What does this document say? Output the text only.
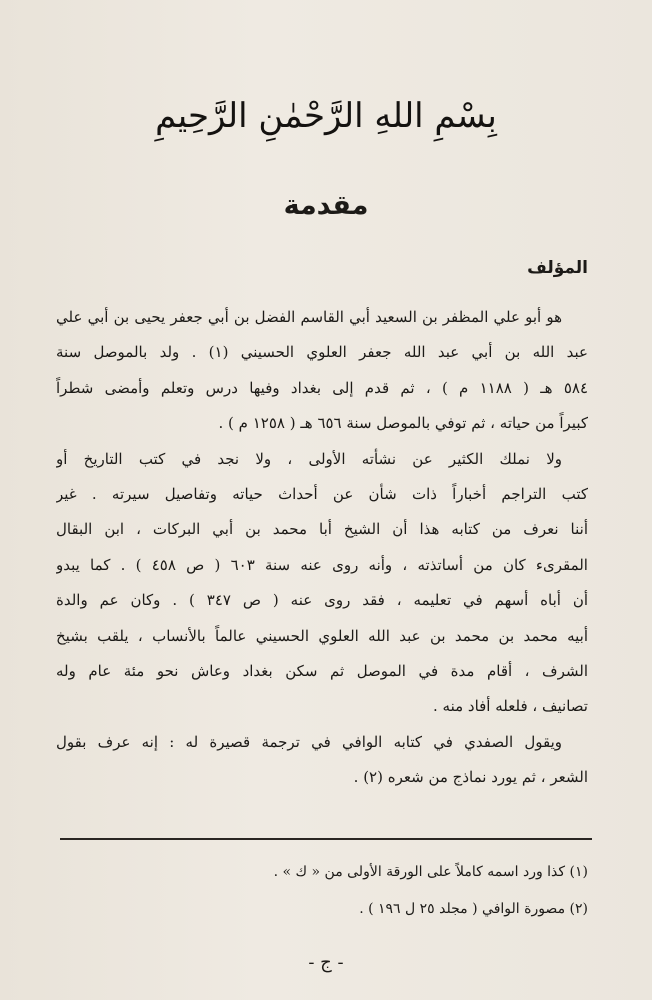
بِسْمِ اللهِ الرَّحْمٰنِ الرَّحِيمِ
مقدمة
المؤلف
هو أبو علي المظفر بن السعيد أبي القاسم الفضل بن أبي جعفر يحيى بن أبي علي
عبد الله بن أبي عبد الله جعفر العلوي الحسيني (١) . ولد بالموصل سنة
٥٨٤ هـ ( ١١٨٨ م ) ، ثم قدم إلى بغداد وفيها درس وتعلم وأمضى شطراً
كبيراً من حياته ، ثم توفي بالموصل سنة ٦٥٦ هـ ( ١٢٥٨ م ) .
ولا نملك الكثير عن نشأته الأولى ، ولا نجد في كتب التاريخ أو
كتب التراجم أخباراً ذات شأن عن أحداث حياته وتفاصيل سيرته . غير
أننا نعرف من كتابه هذا أن الشيخ أبا محمد بن أبي البركات ، ابن البقال
المقرىء كان من أساتذته ، وأنه روى عنه سنة ٦٠٣ ( ص ٤٥٨ ) . كما يبدو
أن أباه أسهم في تعليمه ، فقد روى عنه ( ص ٣٤٧ ) . وكان عم والدة
أبيه محمد بن محمد بن عبد الله العلوي الحسيني عالماً بالأنساب ، يلقب بشيخ
الشرف ، أقام مدة في الموصل ثم سكن بغداد وعاش نحو مئة عام وله
تصانيف ، فلعله أفاد منه .
ويقول الصفدي في كتابه الوافي في ترجمة قصيرة له : إنه عرف بقول
الشعر ، ثم يورد نماذج من شعره (٢) .
(١) كذا ورد اسمه كاملاً على الورقة الأولى من « ك » .
(٢) مصورة الوافي ( مجلد ٢٥ ل ١٩٦ ) .
- ج -
